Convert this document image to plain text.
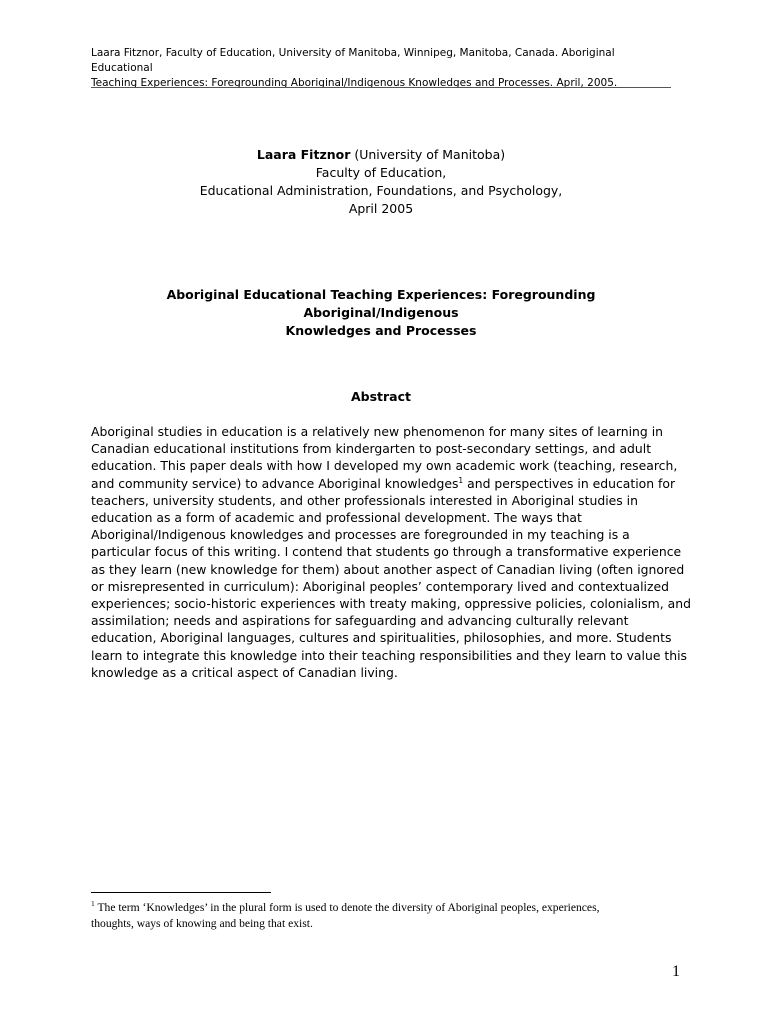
Laara Fitznor, Faculty of Education, University of Manitoba, Winnipeg, Manitoba, Canada. Aboriginal Educational
Teaching Experiences: Foregrounding Aboriginal/Indigenous Knowledges and Processes. April, 2005.
Laara Fitznor (University of Manitoba)
Faculty of Education,
Educational Administration, Foundations, and Psychology,
April 2005
Aboriginal Educational Teaching Experiences: Foregrounding Aboriginal/Indigenous
Knowledges and Processes
Abstract
Aboriginal studies in education is a relatively new phenomenon for many sites of learning in
Canadian educational institutions from kindergarten to post-secondary settings, and adult
education. This paper deals with how I developed my own academic work (teaching, research,
and community service) to advance Aboriginal knowledges$^1$ and perspectives in education for
teachers, university students, and other professionals interested in Aboriginal studies in
education as a form of academic and professional development. The ways that
Aboriginal/Indigenous knowledges and processes are foregrounded in my teaching is a
particular focus of this writing. I contend that students go through a transformative experience
as they learn (new knowledge for them) about another aspect of Canadian living (often ignored
or misrepresented in curriculum): Aboriginal peoples’ contemporary lived and contextualized
experiences; socio-historic experiences with treaty making, oppressive policies, colonialism, and
assimilation; needs and aspirations for safeguarding and advancing culturally relevant
education, Aboriginal languages, cultures and spiritualities, philosophies, and more. Students
learn to integrate this knowledge into their teaching responsibilities and they learn to value this
knowledge as a critical aspect of Canadian living.
$^1$ The term ‘Knowledges’ in the plural form is used to denote the diversity of Aboriginal peoples, experiences,
thoughts, ways of knowing and being that exist.
1
